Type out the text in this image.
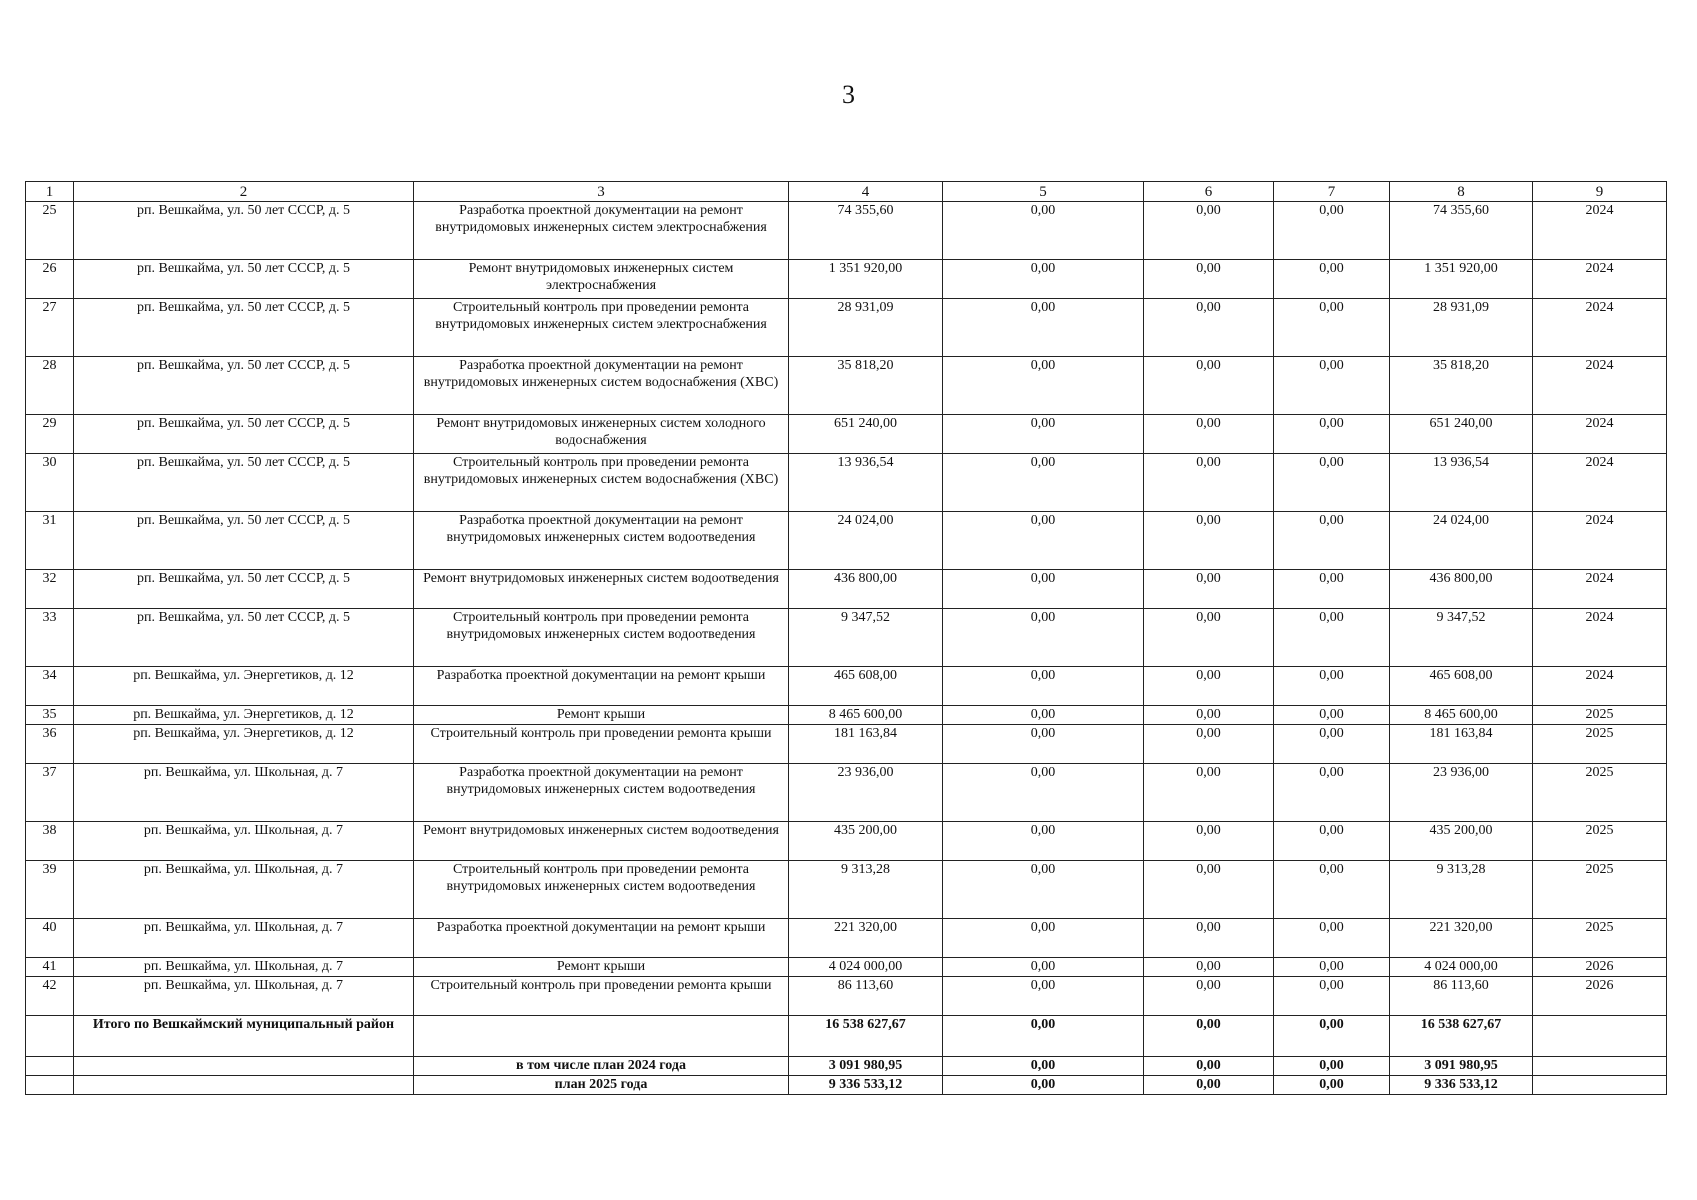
3
1	2	3	4	5	6	7	8	9
25	рп. Вешкайма, ул. 50 лет СССР, д. 5	Разработка проектной документации на ремонт внутридомовых инженерных систем электроснабжения	74 355,60	0,00	0,00	0,00	74 355,60	2024
26	рп. Вешкайма, ул. 50 лет СССР, д. 5	Ремонт внутридомовых инженерных систем электроснабжения	1 351 920,00	0,00	0,00	0,00	1 351 920,00	2024
27	рп. Вешкайма, ул. 50 лет СССР, д. 5	Строительный контроль при проведении ремонта внутридомовых инженерных систем электроснабжения	28 931,09	0,00	0,00	0,00	28 931,09	2024
28	рп. Вешкайма, ул. 50 лет СССР, д. 5	Разработка проектной документации на ремонт внутридомовых инженерных систем водоснабжения (ХВС)	35 818,20	0,00	0,00	0,00	35 818,20	2024
29	рп. Вешкайма, ул. 50 лет СССР, д. 5	Ремонт внутридомовых инженерных систем холодного водоснабжения	651 240,00	0,00	0,00	0,00	651 240,00	2024
30	рп. Вешкайма, ул. 50 лет СССР, д. 5	Строительный контроль при проведении ремонта внутридомовых инженерных систем водоснабжения (ХВС)	13 936,54	0,00	0,00	0,00	13 936,54	2024
31	рп. Вешкайма, ул. 50 лет СССР, д. 5	Разработка проектной документации на ремонт внутридомовых инженерных систем водоотведения	24 024,00	0,00	0,00	0,00	24 024,00	2024
32	рп. Вешкайма, ул. 50 лет СССР, д. 5	Ремонт внутридомовых инженерных систем водоотведения	436 800,00	0,00	0,00	0,00	436 800,00	2024
33	рп. Вешкайма, ул. 50 лет СССР, д. 5	Строительный контроль при проведении ремонта внутридомовых инженерных систем водоотведения	9 347,52	0,00	0,00	0,00	9 347,52	2024
34	рп. Вешкайма, ул. Энергетиков, д. 12	Разработка проектной документации на ремонт крыши	465 608,00	0,00	0,00	0,00	465 608,00	2024
35	рп. Вешкайма, ул. Энергетиков, д. 12	Ремонт крыши	8 465 600,00	0,00	0,00	0,00	8 465 600,00	2025
36	рп. Вешкайма, ул. Энергетиков, д. 12	Строительный контроль при проведении ремонта крыши	181 163,84	0,00	0,00	0,00	181 163,84	2025
37	рп. Вешкайма, ул. Школьная, д. 7	Разработка проектной документации на ремонт внутридомовых инженерных систем водоотведения	23 936,00	0,00	0,00	0,00	23 936,00	2025
38	рп. Вешкайма, ул. Школьная, д. 7	Ремонт внутридомовых инженерных систем водоотведения	435 200,00	0,00	0,00	0,00	435 200,00	2025
39	рп. Вешкайма, ул. Школьная, д. 7	Строительный контроль при проведении ремонта внутридомовых инженерных систем водоотведения	9 313,28	0,00	0,00	0,00	9 313,28	2025
40	рп. Вешкайма, ул. Школьная, д. 7	Разработка проектной документации на ремонт крыши	221 320,00	0,00	0,00	0,00	221 320,00	2025
41	рп. Вешкайма, ул. Школьная, д. 7	Ремонт крыши	4 024 000,00	0,00	0,00	0,00	4 024 000,00	2026
42	рп. Вешкайма, ул. Школьная, д. 7	Строительный контроль при проведении ремонта крыши	86 113,60	0,00	0,00	0,00	86 113,60	2026
	Итого по Вешкаймский муниципальный район		16 538 627,67	0,00	0,00	0,00	16 538 627,67	
		в том числе план 2024 года	3 091 980,95	0,00	0,00	0,00	3 091 980,95	
		план 2025 года	9 336 533,12	0,00	0,00	0,00	9 336 533,12	
